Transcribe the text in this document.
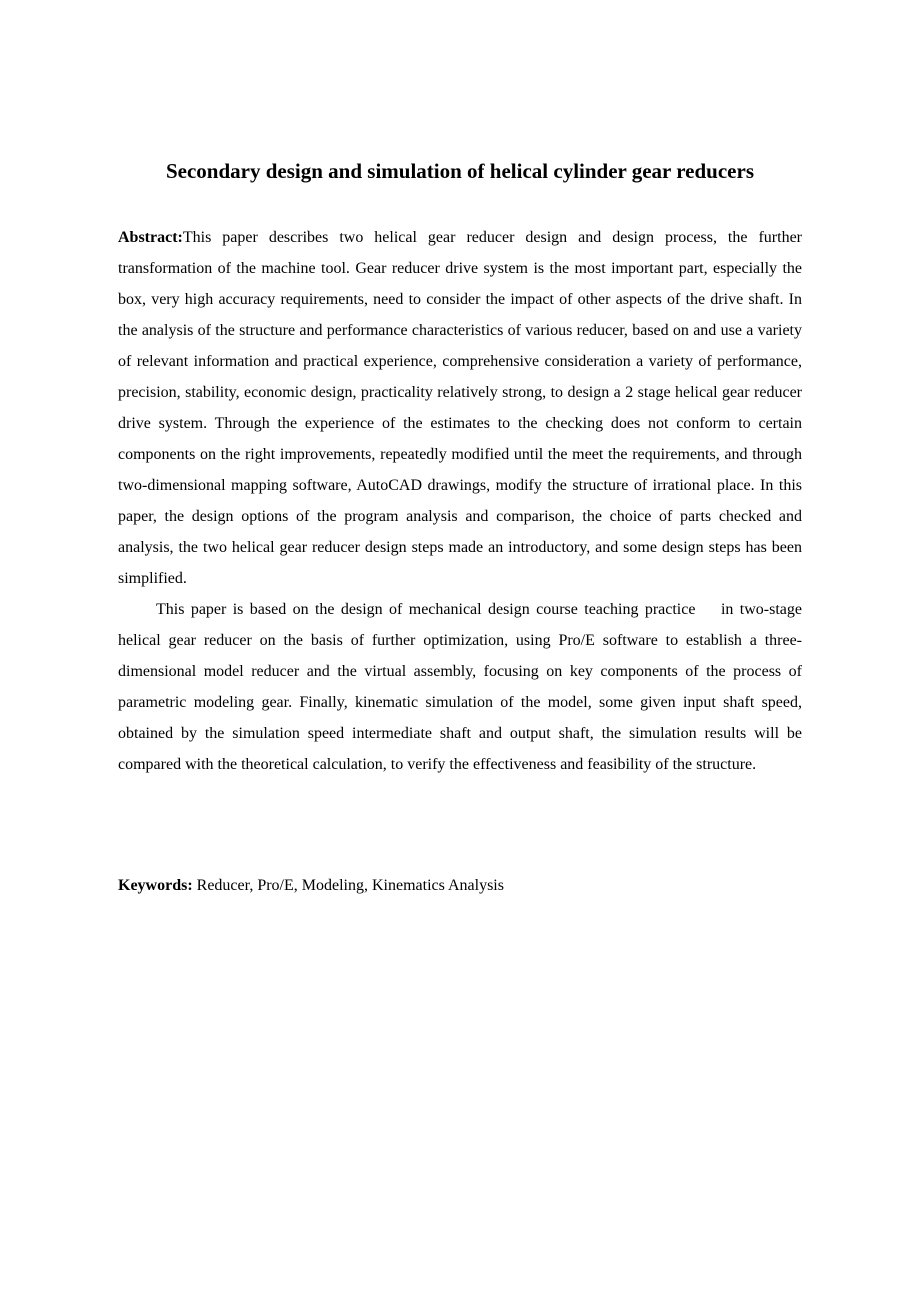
Secondary design and simulation of helical cylinder gear reducers

Abstract:This paper describes two helical gear reducer design and design process, the further transformation of the machine tool. Gear reducer drive system is the most important part, especially the box, very high accuracy requirements, need to consider the impact of other aspects of the drive shaft. In the analysis of the structure and performance characteristics of various reducer, based on and use a variety of relevant information and practical experience, comprehensive consideration a variety of performance, precision, stability, economic design, practicality relatively strong, to design a 2 stage helical gear reducer drive system. Through the experience of the estimates to the checking does not conform to certain components on the right improvements, repeatedly modified until the meet the requirements, and through two-dimensional mapping software, AutoCAD drawings, modify the structure of irrational place. In this paper, the design options of the program analysis and comparison, the choice of parts checked and analysis, the two helical gear reducer design steps made an introductory, and some design steps has been simplified.

This paper is based on the design of mechanical design course teaching practice    in two-stage helical gear reducer on the basis of further optimization, using Pro/E software to establish a three-dimensional model reducer and the virtual assembly, focusing on key components of the process of parametric modeling gear. Finally, kinematic simulation of the model, some given input shaft speed, obtained by the simulation speed intermediate shaft and output shaft, the simulation results will be compared with the theoretical calculation, to verify the effectiveness and feasibility of the structure.

Keywords: Reducer, Pro/E, Modeling, Kinematics Analysis
